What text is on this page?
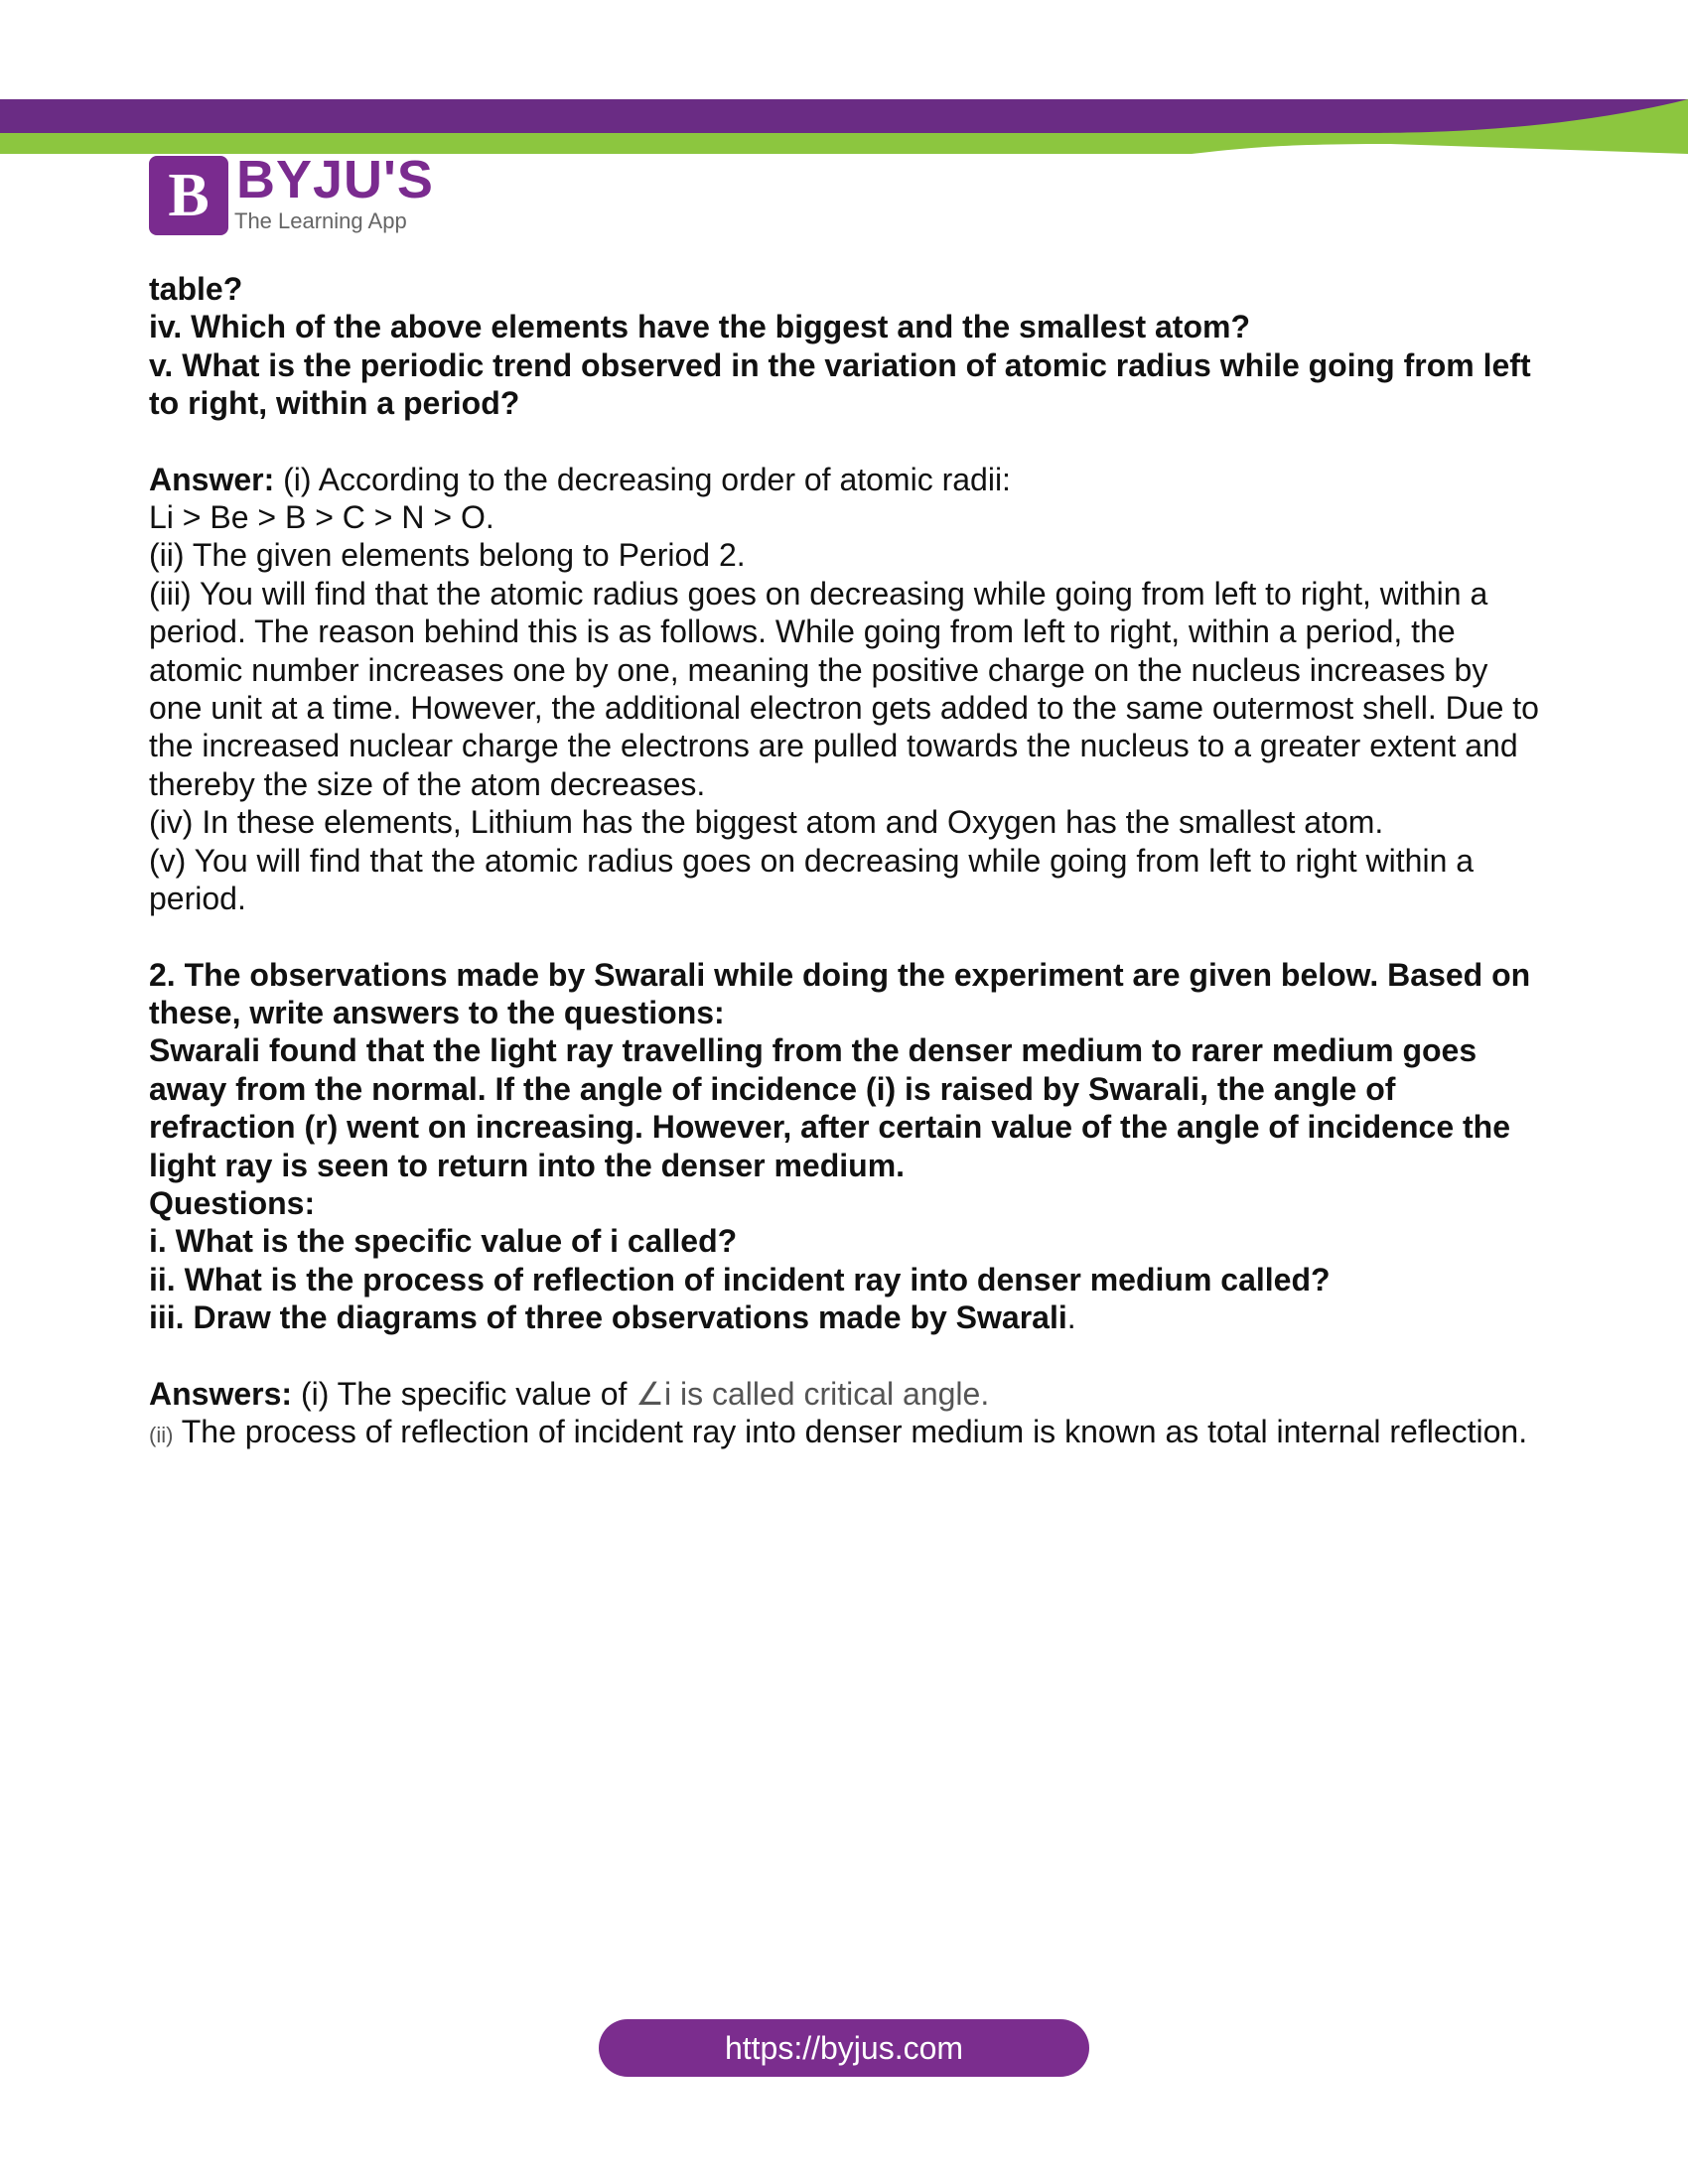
B BYJU'S
The Learning App

table?

iv. Which of the above elements have the biggest and the smallest atom?

v. What is the periodic trend observed in the variation of atomic radius while going from left to right, within a period?

Answer: (i) According to the decreasing order of atomic radii:

Li > Be > B > C > N > O.

(ii) The given elements belong to Period 2.

(iii) You will find that the atomic radius goes on decreasing while going from left to right, within a period. The reason behind this is as follows. While going from left to right, within a period, the atomic number increases one by one, meaning the positive charge on the nucleus increases by one unit at a time. However, the additional electron gets added to the same outermost shell. Due to the increased nuclear charge the electrons are pulled towards the nucleus to a greater extent and thereby the size of the atom decreases.

(iv) In these elements, Lithium has the biggest atom and Oxygen has the smallest atom.

(v) You will find that the atomic radius goes on decreasing while going from left to right within a period.

2. The observations made by Swarali while doing the experiment are given below. Based on these, write answers to the questions:

Swarali found that the light ray travelling from the denser medium to rarer medium goes away from the normal. If the angle of incidence (i) is raised by Swarali, the angle of refraction (r) went on increasing. However, after certain value of the angle of incidence the light ray is seen to return into the denser medium.

Questions:

i. What is the specific value of i called?

ii. What is the process of reflection of incident ray into denser medium called?

iii. Draw the diagrams of three observations made by Swarali.

Answers: (i) The specific value of ∠i is called critical angle.

(ii) The process of reflection of incident ray into denser medium is known as total internal reflection.

https://byjus.com
